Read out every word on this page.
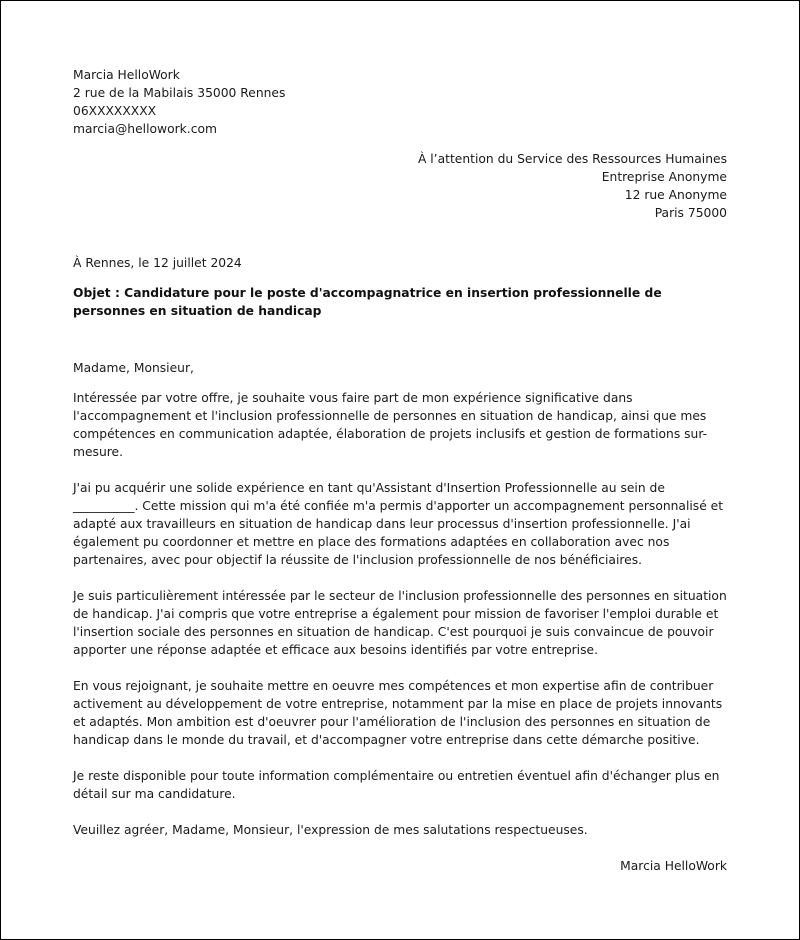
Marcia HelloWork
2 rue de la Mabilais 35000 Rennes
06XXXXXXXX
marcia@hellowork.com
À l’attention du Service des Ressources Humaines
Entreprise Anonyme
12 rue Anonyme
Paris 75000
À Rennes, le 12 juillet 2024
Objet : Candidature pour le poste d'accompagnatrice en insertion professionnelle de personnes en situation de handicap

Madame, Monsieur,

Intéressée par votre offre, je souhaite vous faire part de mon expérience significative dans l'accompagnement et l'inclusion professionnelle de personnes en situation de handicap, ainsi que mes compétences en communication adaptée, élaboration de projets inclusifs et gestion de formations sur-mesure.

J'ai pu acquérir une solide expérience en tant qu'Assistant d'Insertion Professionnelle au sein de __________. Cette mission qui m'a été confiée m'a permis d'apporter un accompagnement personnalisé et adapté aux travailleurs en situation de handicap dans leur processus d'insertion professionnelle. J'ai également pu coordonner et mettre en place des formations adaptées en collaboration avec nos partenaires, avec pour objectif la réussite de l'inclusion professionnelle de nos bénéficiaires.

Je suis particulièrement intéressée par le secteur de l'inclusion professionnelle des personnes en situation de handicap. J'ai compris que votre entreprise a également pour mission de favoriser l'emploi durable et l'insertion sociale des personnes en situation de handicap. C'est pourquoi je suis convaincue de pouvoir apporter une réponse adaptée et efficace aux besoins identifiés par votre entreprise.

En vous rejoignant, je souhaite mettre en oeuvre mes compétences et mon expertise afin de contribuer activement au développement de votre entreprise, notamment par la mise en place de projets innovants et adaptés. Mon ambition est d'oeuvrer pour l'amélioration de l'inclusion des personnes en situation de handicap dans le monde du travail, et d'accompagner votre entreprise dans cette démarche positive.

Je reste disponible pour toute information complémentaire ou entretien éventuel afin d'échanger plus en détail sur ma candidature.

Veuillez agréer, Madame, Monsieur, l'expression de mes salutations respectueuses.

Marcia HelloWork
